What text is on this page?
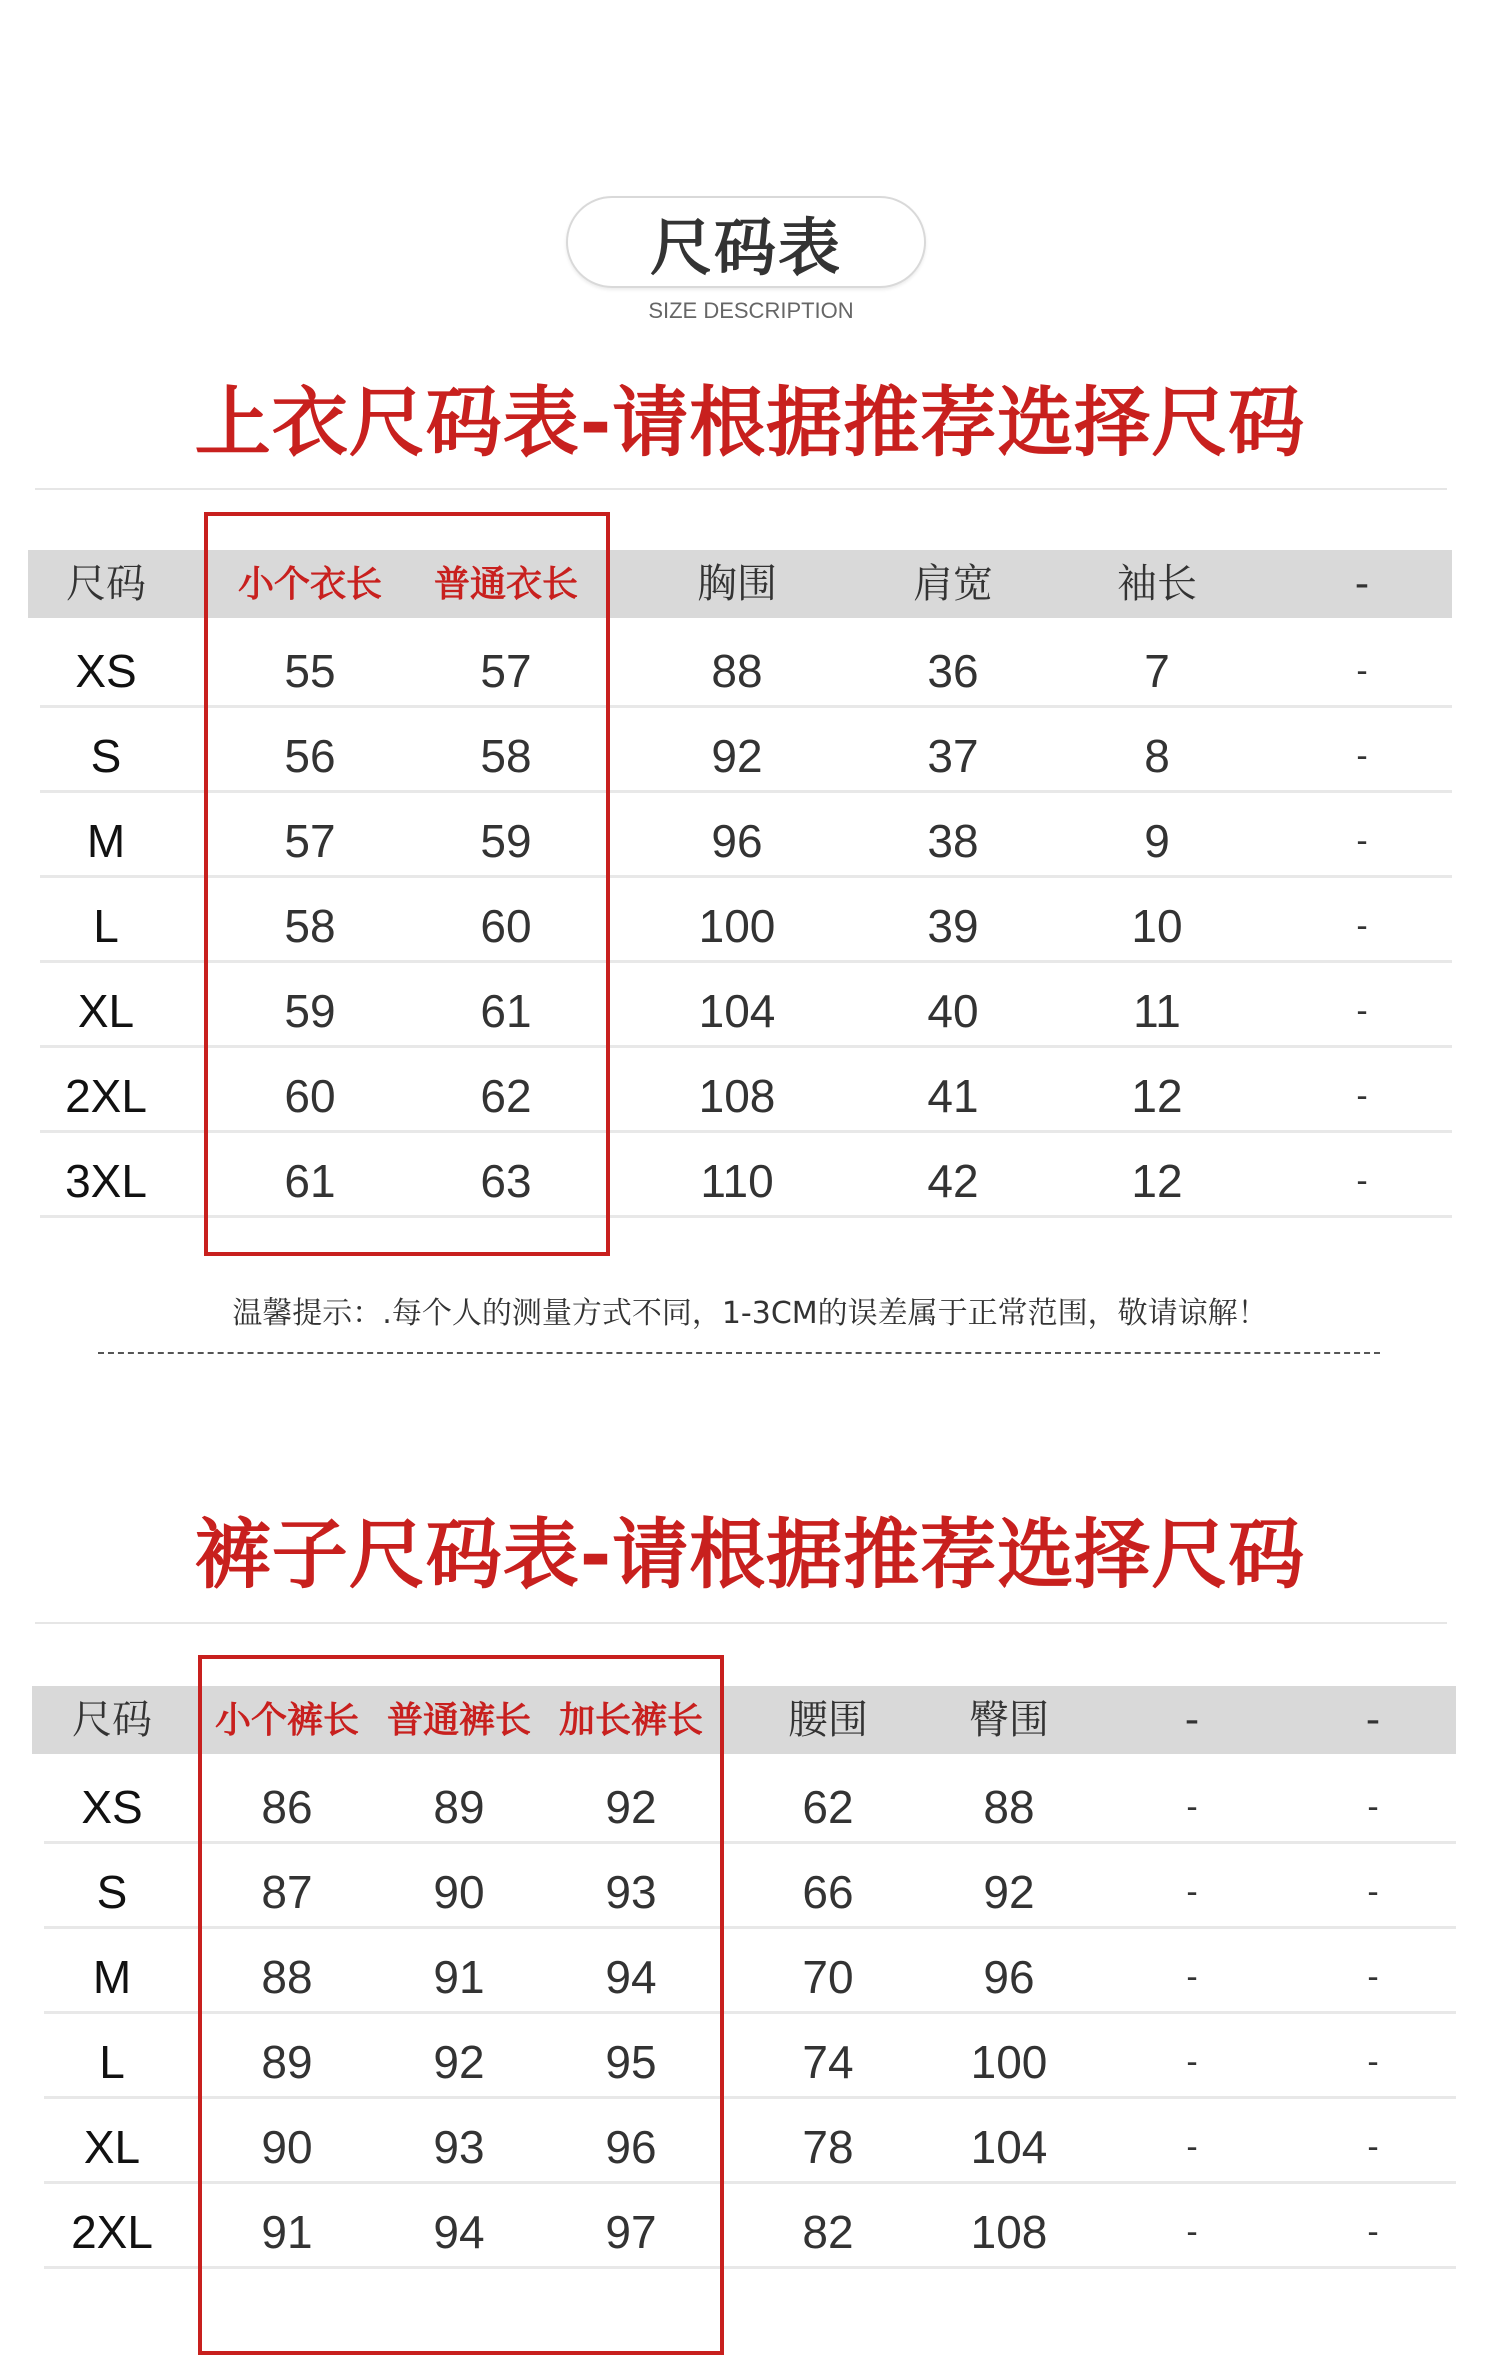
尺码表
SIZE DESCRIPTION
上衣尺码表-请根据推荐选择尺码
尺码	小个衣长 普通衣长	胸围	肩宽	袖长	-
XS	55	57	88	36	7	-
S	56	58	92	37	8	-
M	57	59	96	38	9	-
L	58	60	100	39	10	-
XL	59	61	104	40	11	-
2XL	60	62	108	41	12	-
3XL	61	63	110	42	12	-
温馨提示：.每个人的测量方式不同，1-3CM的误差属于正常范围，敬请谅解！
裤子尺码表-请根据推荐选择尺码
尺码 小个裤长 普通裤长 加长裤长 腰围	臀围	-	-
XS	86	89	92	62	88	-	-
S	87	90	93	66	92	-	-
M	88	91	94	70	96	-	-
L	89	92	95	74	100	-	-
XL	90	93	96	78	104	-	-
2XL 91	94	97	82	108	-	-
